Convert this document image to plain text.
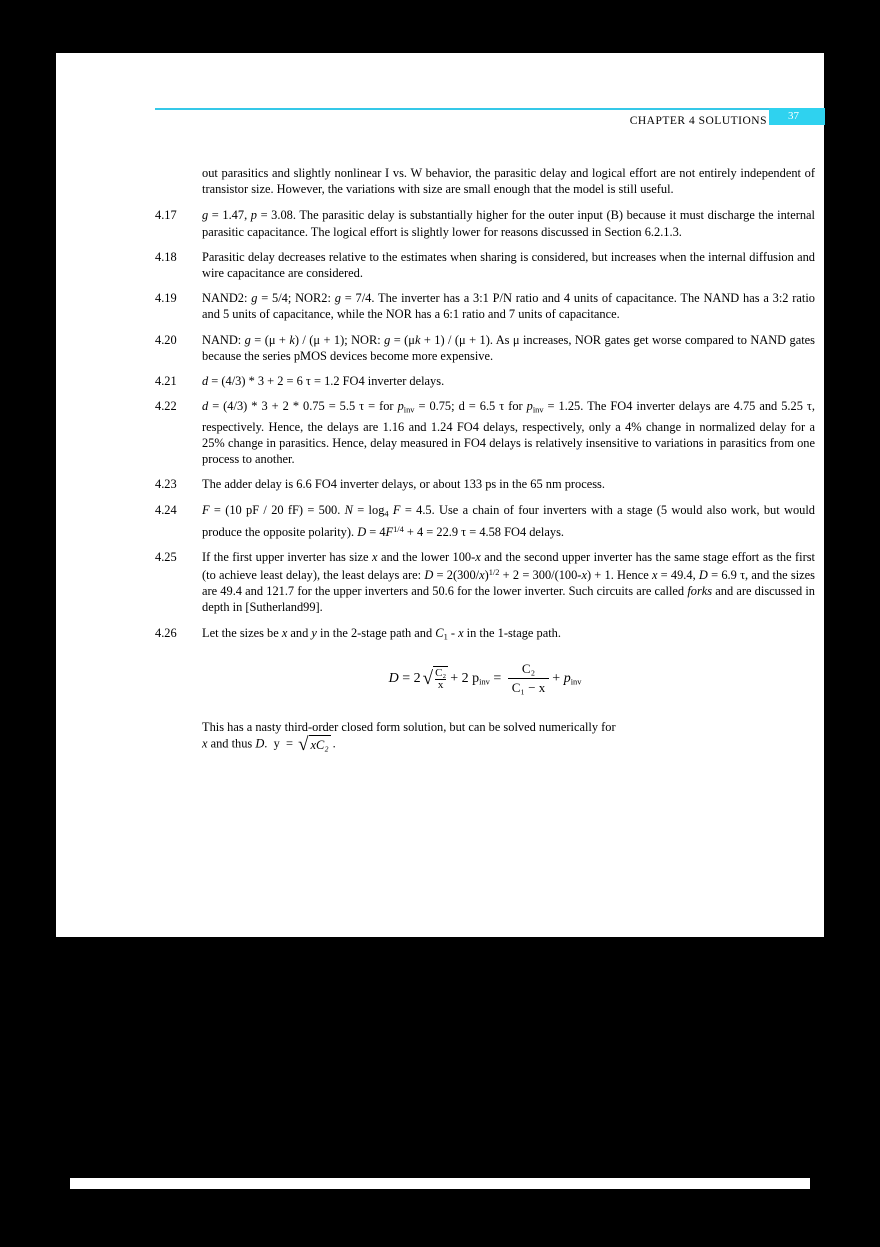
CHAPTER 4 SOLUTIONS 37
out parasitics and slightly nonlinear I vs. W behavior, the parasitic delay and logical effort are not entirely independent of transistor size. However, the variations with size are small enough that the model is still useful.
4.17	g = 1.47, p = 3.08. The parasitic delay is substantially higher for the outer input (B) because it must discharge the internal parasitic capacitance. The logical effort is slightly lower for reasons discussed in Section 6.2.1.3.
4.18	Parasitic delay decreases relative to the estimates when sharing is considered, but increases when the internal diffusion and wire capacitance are considered.
4.19	NAND2: g = 5/4; NOR2: g = 7/4. The inverter has a 3:1 P/N ratio and 4 units of capacitance. The NAND has a 3:2 ratio and 5 units of capacitance, while the NOR has a 6:1 ratio and 7 units of capacitance.
4.20	NAND: g = (μ + k) / (μ + 1); NOR: g = (μk + 1) / (μ + 1). As μ increases, NOR gates get worse compared to NAND gates because the series pMOS devices become more expensive.
4.21	d = (4/3) * 3 + 2 = 6 τ = 1.2 FO4 inverter delays.
4.22	d = (4/3) * 3 + 2 * 0.75 = 5.5 τ = for $p_{inv} = 0.75$; d = 6.5 τ for $p_{inv} = 1.25$. The FO4 inverter delays are 4.75 and 5.25 τ, respectively. Hence, the delays are 1.16 and 1.24 FO4 delays, respectively, only a 4% change in normalized delay for a 25% change in parasitics. Hence, delay measured in FO4 delays is relatively insensitive to variations in parasitics from one process to another.
4.23	The adder delay is 6.6 FO4 inverter delays, or about 133 ps in the 65 nm process.
4.24	F = (10 pF / 20 fF) = 500. $N = \log_4 F = 4.5$. Use a chain of four inverters with a stage (5 would also work, but would produce the opposite polarity). $D = 4F^{1/4} + 4 = 22.9$ τ = 4.58 FO4 delays.
4.25	If the first upper inverter has size x and the lower 100-x and the second upper inverter has the same stage effort as the first (to achieve least delay), the least delays are: $D = 2(300/x)^{1/2} + 2 = 300/(100-x) + 1$. Hence x = 49.4, D = 6.9 τ, and the sizes are 49.4 and 121.7 for the upper inverters and 50.6 for the lower inverter. Such circuits are called forks and are discussed in depth in [Sutherland99].
4.26	Let the sizes be x and y in the 2-stage path and $C_1$ - x in the 1-stage path.
D = 2 √ $\frac{\text{C₂}}{x} + 2$ $p_{inv} = \frac{\text{C₂}}{\text{C₁ − x}} + p_{inv}$
This has a nasty third-order closed form solution, but can be solved numerically for
x and thus D.  y  = √ xC₂ .
